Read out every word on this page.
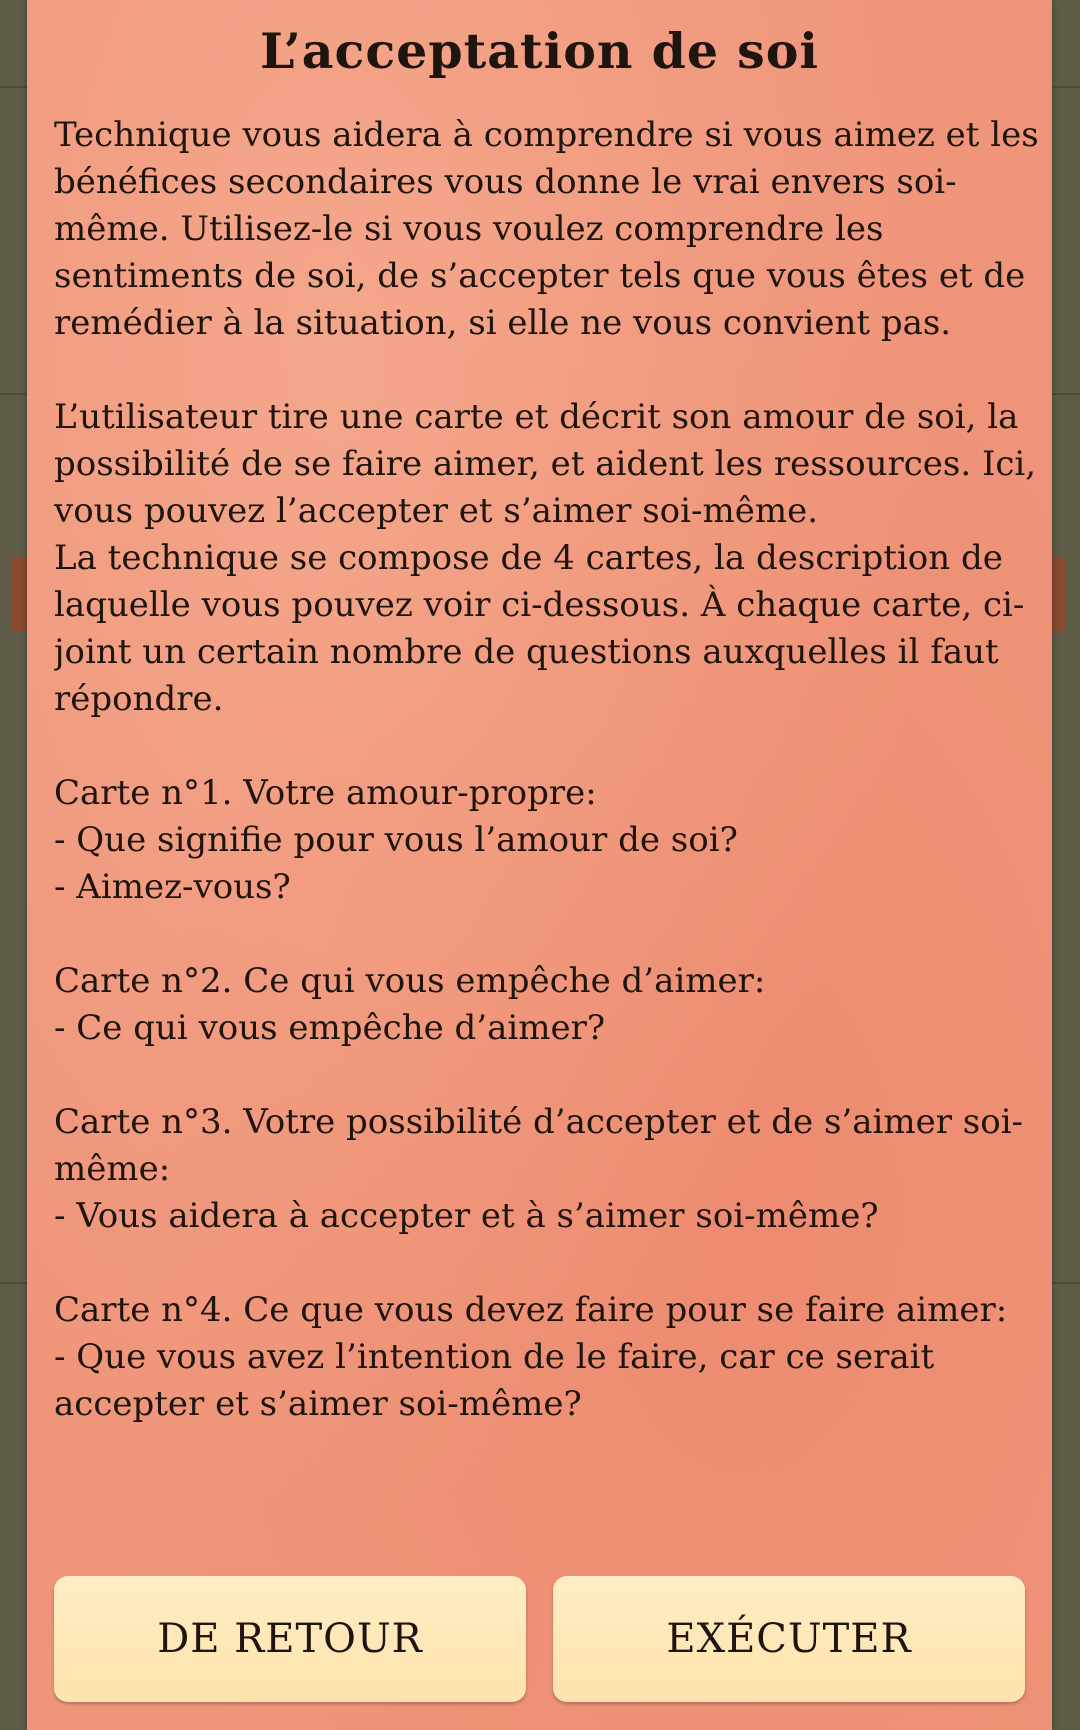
L’acceptation de soi

Technique vous aidera à comprendre si vous aimez et les bénéfices secondaires vous donne le vrai envers soi-même. Utilisez-le si vous voulez comprendre les sentiments de soi, de s’accepter tels que vous êtes et de remédier à la situation, si elle ne vous convient pas.

L’utilisateur tire une carte et décrit son amour de soi, la possibilité de se faire aimer, et aident les ressources. Ici, vous pouvez l’accepter et s’aimer soi-même.
La technique se compose de 4 cartes, la description de laquelle vous pouvez voir ci-dessous. À chaque carte, ci-joint un certain nombre de questions auxquelles il faut répondre.

Carte n°1. Votre amour-propre:
- Que signifie pour vous l’amour de soi?
- Aimez-vous?

Carte n°2. Ce qui vous empêche d’aimer:
- Ce qui vous empêche d’aimer?

Carte n°3. Votre possibilité d’accepter et de s’aimer soi-même:
- Vous aidera à accepter et à s’aimer soi-même?

Carte n°4. Ce que vous devez faire pour se faire aimer:
- Que vous avez l’intention de le faire, car ce serait accepter et s’aimer soi-même?

DE RETOUR	EXÉCUTER
